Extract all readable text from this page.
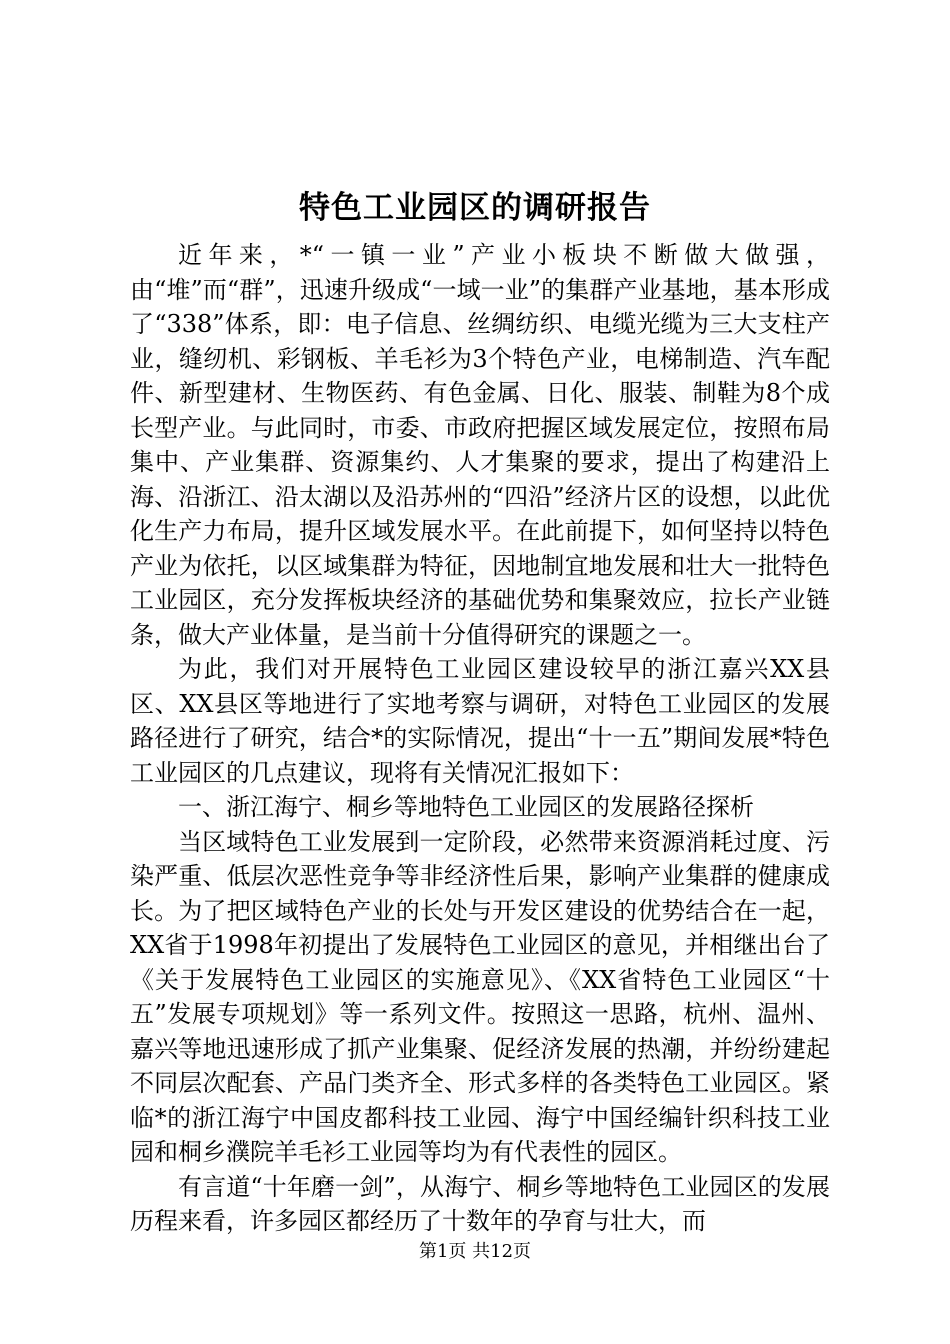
特色工业园区的调研报告

近年来，*“一镇一业”产业小板块不断做大做强，由“堆”而“群”，迅速升级成“一域一业”的集群产业基地，基本形成了“338”体系，即：电子信息、丝绸纺织、电缆光缆为三大支柱产业，缝纫机、彩钢板、羊毛衫为3个特色产业，电梯制造、汽车配件、新型建材、生物医药、有色金属、日化、服装、制鞋为8个成长型产业。与此同时，市委、市政府把握区域发展定位，按照布局集中、产业集群、资源集约、人才集聚的要求，提出了构建沿上海、沿浙江、沿太湖以及沿苏州的“四沿”经济片区的设想，以此优化生产力布局，提升区域发展水平。在此前提下，如何坚持以特色产业为依托，以区域集群为特征，因地制宜地发展和壮大一批特色工业园区，充分发挥板块经济的基础优势和集聚效应，拉长产业链条，做大产业体量，是当前十分值得研究的课题之一。

为此，我们对开展特色工业园区建设较早的浙江嘉兴XX县区、XX县区等地进行了实地考察与调研，对特色工业园区的发展路径进行了研究，结合*的实际情况，提出“十一五”期间发展*特色工业园区的几点建议，现将有关情况汇报如下：

一、浙江海宁、桐乡等地特色工业园区的发展路径探析

当区域特色工业发展到一定阶段，必然带来资源消耗过度、污染严重、低层次恶性竞争等非经济性后果，影响产业集群的健康成长。为了把区域特色产业的长处与开发区建设的优势结合在一起，XX省于1998年初提出了发展特色工业园区的意见，并相继出台了《关于发展特色工业园区的实施意见》、《XX省特色工业园区“十五”发展专项规划》等一系列文件。按照这一思路，杭州、温州、嘉兴等地迅速形成了抓产业集聚、促经济发展的热潮，并纷纷建起不同层次配套、产品门类齐全、形式多样的各类特色工业园区。紧临*的浙江海宁中国皮都科技工业园、海宁中国经编针织科技工业园和桐乡濮院羊毛衫工业园等均为有代表性的园区。

有言道“十年磨一剑”，从海宁、桐乡等地特色工业园区的发展历程来看，许多园区都经历了十数年的孕育与壮大，而

第1页 共12页
